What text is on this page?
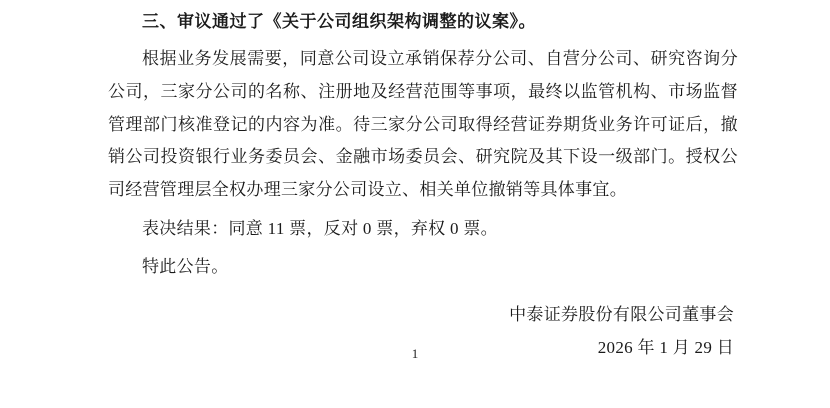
三、审议通过了《关于公司组织架构调整的议案》。

根据业务发展需要，同意公司设立承销保荐分公司、自营分公司、研究咨询分公司，三家分公司的名称、注册地及经营范围等事项，最终以监管机构、市场监督管理部门核准登记的内容为准。待三家分公司取得经营证券期货业务许可证后，撤销公司投资银行业务委员会、金融市场委员会、研究院及其下设一级部门。授权公司经营管理层全权办理三家分公司设立、相关单位撤销等具体事宜。

表决结果：同意 11 票，反对 0 票，弃权 0 票。

特此公告。

中泰证券股份有限公司董事会
2026 年 1 月 29 日
1
